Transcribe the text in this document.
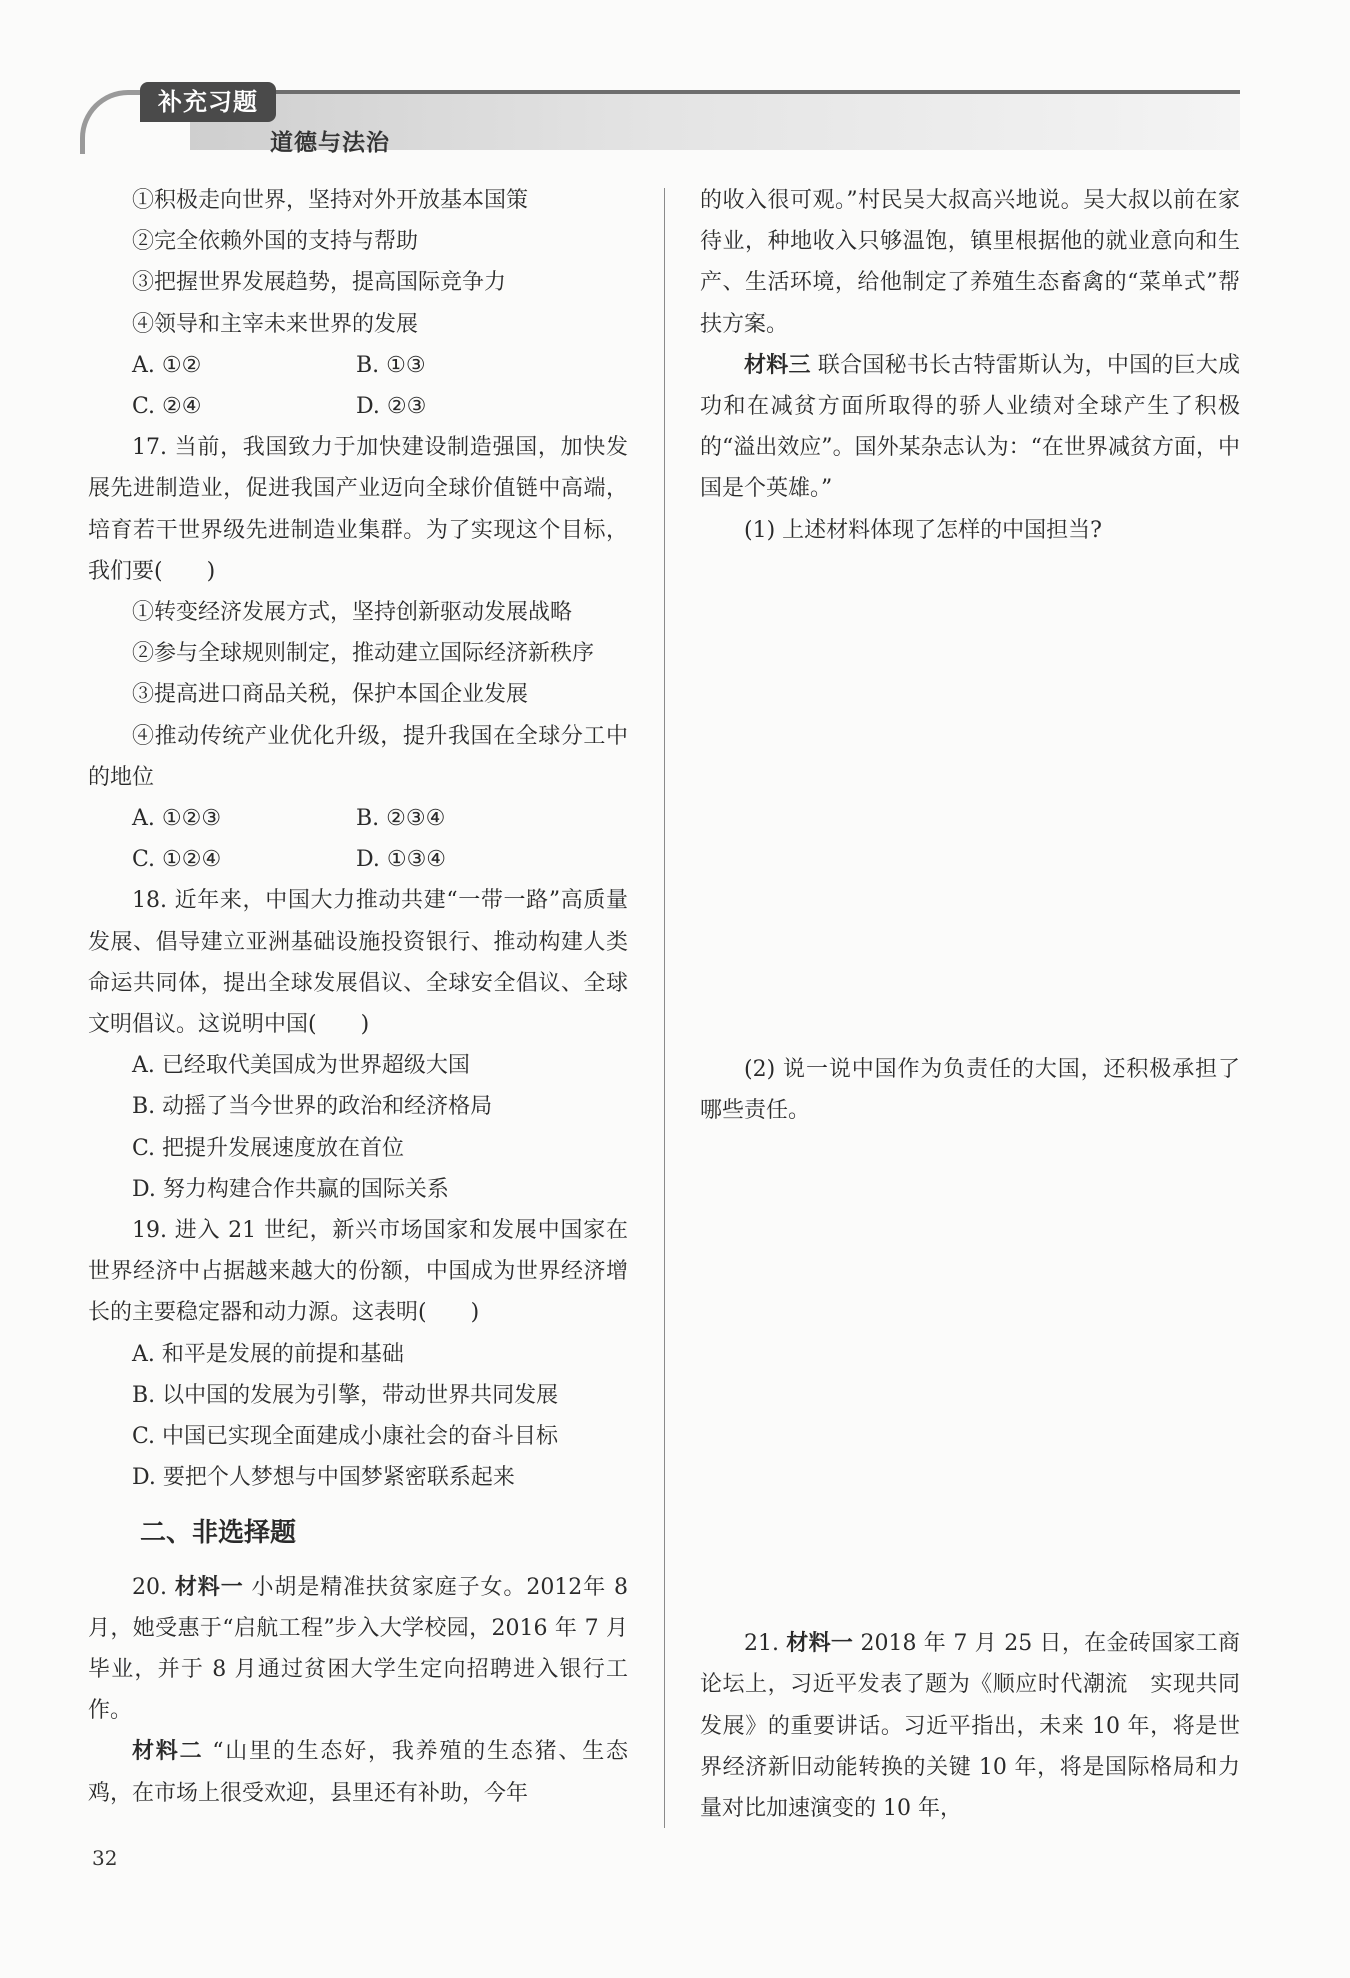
补充习题
道德与法治

①积极走向世界，坚持对外开放基本国策

②完全依赖外国的支持与帮助

③把握世界发展趋势，提高国际竞争力

④领导和主宰未来世界的发展

A. ①②	B. ①③
C. ②④	D. ②③

17. 当前，我国致力于加快建设制造强国，加快发展先进制造业，促进我国产业迈向全球价值链中高端，培育若干世界级先进制造业集群。为了实现这个目标，我们要(　　)

①转变经济发展方式，坚持创新驱动发展战略

②参与全球规则制定，推动建立国际经济新秩序

③提高进口商品关税，保护本国企业发展

④推动传统产业优化升级，提升我国在全球分工中的地位

A. ①②③	B. ②③④
C. ①②④	D. ①③④

18. 近年来，中国大力推动共建“一带一路”高质量发展、倡导建立亚洲基础设施投资银行、推动构建人类命运共同体，提出全球发展倡议、全球安全倡议、全球文明倡议。这说明中国(　　)

A. 已经取代美国成为世界超级大国

B. 动摇了当今世界的政治和经济格局

C. 把提升发展速度放在首位

D. 努力构建合作共赢的国际关系

19. 进入 21 世纪，新兴市场国家和发展中国家在世界经济中占据越来越大的份额，中国成为世界经济增长的主要稳定器和动力源。这表明(　　)

A. 和平是发展的前提和基础

B. 以中国的发展为引擎，带动世界共同发展

C. 中国已实现全面建成小康社会的奋斗目标

D. 要把个人梦想与中国梦紧密联系起来

二、非选择题

20. 材料一 小胡是精准扶贫家庭子女。2012年 8 月，她受惠于“启航工程”步入大学校园，2016 年 7 月毕业，并于 8 月通过贫困大学生定向招聘进入银行工作。

材料二 “山里的生态好，我养殖的生态猪、生态鸡，在市场上很受欢迎，县里还有补助，今年

的收入很可观。”村民吴大叔高兴地说。吴大叔以前在家待业，种地收入只够温饱，镇里根据他的就业意向和生产、生活环境，给他制定了养殖生态畜禽的“菜单式”帮扶方案。

材料三 联合国秘书长古特雷斯认为，中国的巨大成功和在减贫方面所取得的骄人业绩对全球产生了积极的“溢出效应”。国外某杂志认为：“在世界减贫方面，中国是个英雄。”

(1) 上述材料体现了怎样的中国担当?

(2) 说一说中国作为负责任的大国，还积极承担了哪些责任。

21. 材料一 2018 年 7 月 25 日，在金砖国家工商论坛上，习近平发表了题为《顺应时代潮流　实现共同发展》的重要讲话。习近平指出，未来 10 年，将是世界经济新旧动能转换的关键 10 年，将是国际格局和力量对比加速演变的 10 年，

32
